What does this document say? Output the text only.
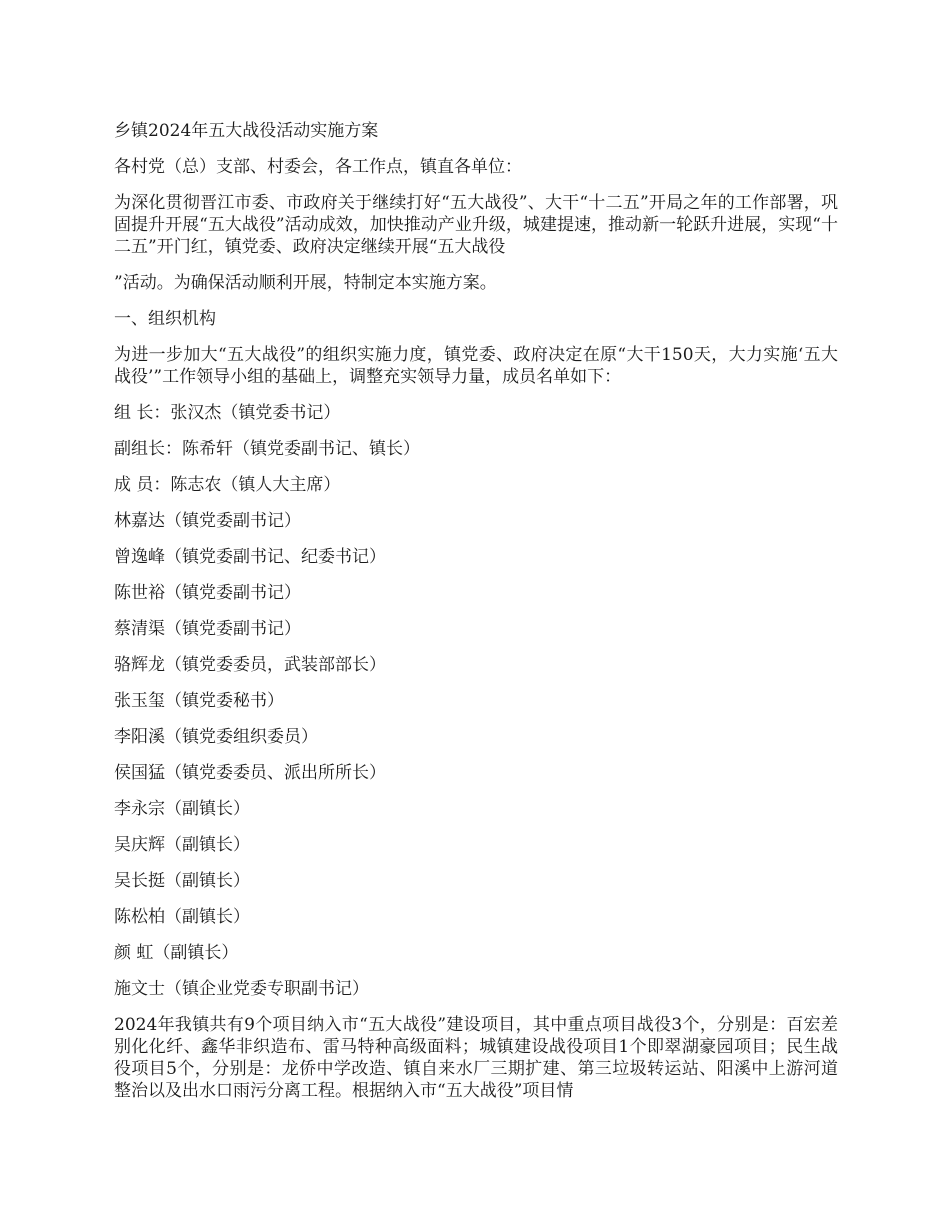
乡镇2024年五大战役活动实施方案

各村党（总）支部、村委会，各工作点，镇直各单位：

为深化贯彻晋江市委、市政府关于继续打好“五大战役”、大干“十二五”开局之年的工作部署，巩固提升开展“五大战役”活动成效，加快推动产业升级，城建提速，推动新一轮跃升进展，实现“十二五”开门红，镇党委、政府决定继续开展“五大战役

”活动。为确保活动顺利开展，特制定本实施方案。

一、组织机构

为进一步加大“五大战役”的组织实施力度，镇党委、政府决定在原“大干150天，大力实施‘五大战役’”工作领导小组的基础上，调整充实领导力量，成员名单如下：

组 长：张汉杰（镇党委书记）

副组长：陈希轩（镇党委副书记、镇长）

成 员：陈志农（镇人大主席）

林嘉达（镇党委副书记）

曾逸峰（镇党委副书记、纪委书记）

陈世裕（镇党委副书记）

蔡清渠（镇党委副书记）

骆辉龙（镇党委委员，武装部部长）

张玉玺（镇党委秘书）

李阳溪（镇党委组织委员）

侯国猛（镇党委委员、派出所所长）

李永宗（副镇长）

吴庆辉（副镇长）

吴长挺（副镇长）

陈松柏（副镇长）

颜 虹（副镇长）

施文士（镇企业党委专职副书记）

2024年我镇共有9个项目纳入市“五大战役”建设项目，其中重点项目战役3个，分别是：百宏差别化化纤、鑫华非织造布、雷马特种高级面料；城镇建设战役项目1个即翠湖豪园项目；民生战役项目5个，分别是：龙侨中学改造、镇自来水厂三期扩建、第三垃圾转运站、阳溪中上游河道整治以及出水口雨污分离工程。根据纳入市“五大战役”项目情
